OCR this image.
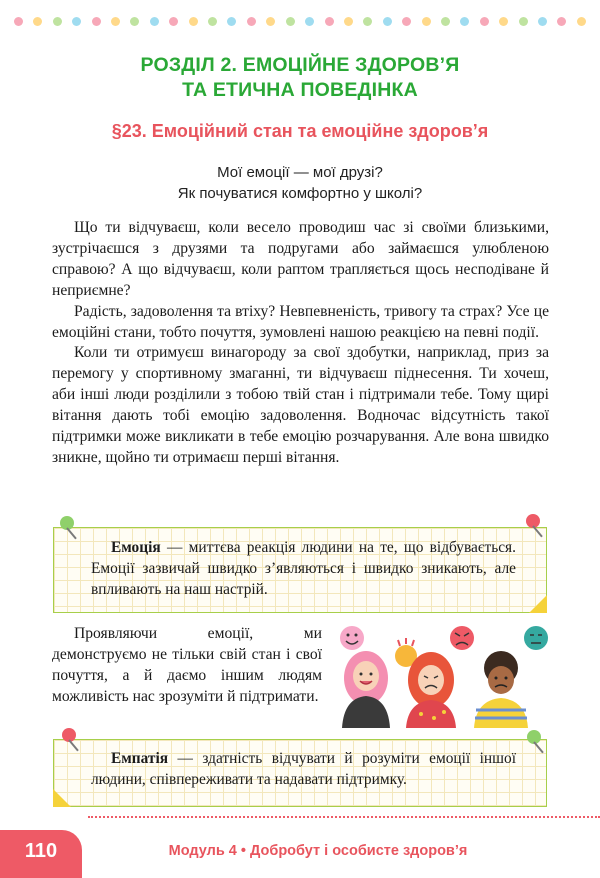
РОЗДІЛ 2. ЕМОЦІЙНЕ ЗДОРОВ’Я
ТА ЕТИЧНА ПОВЕДІНКА
§23. Емоційний стан та емоційне здоров’я
Мої емоції — мої друзі?
Як почуватися комфортно у школі?

Що ти відчуваєш, коли весело проводиш час зі своїми близькими, зустрічаєшся з друзями та подругами або займаєшся улюбленою справою? А що відчуваєш, коли раптом трапляється щось несподіване й неприємне?

Радість, задоволення та втіху? Невпевненість, тривогу та страх? Усе це емоційні стани, тобто почуття, зумовлені нашою реакцією на певні події.

Коли ти отримуєш винагороду за свої здобутки, наприклад, приз за перемогу у спортивному змаганні, ти відчуваєш піднесення. Ти хочеш, аби інші люди розділили з тобою твій стан і підтримали тебе. Тому щирі вітання дають тобі емоцію задоволення. Водночас відсутність такої підтримки може викликати в тебе емоцію розчарування. Але вона швидко зникне, щойно ти отримаєш перші вітання.

Емоція — миттєва реакція людини на те, що відбувається. Емоції зазвичай швидко з’являються і швидко зникають, але впливають на наш настрій.

Проявляючи емоції, ми демонструємо не тільки свій стан і свої почуття, а й даємо іншим людям можливість нас зрозуміти й підтримати.

Емпатія — здатність відчувати й розуміти емоції іншої людини, співпереживати та надавати підтримку.
110	Модуль 4 • Добробут і особисте здоров’я
